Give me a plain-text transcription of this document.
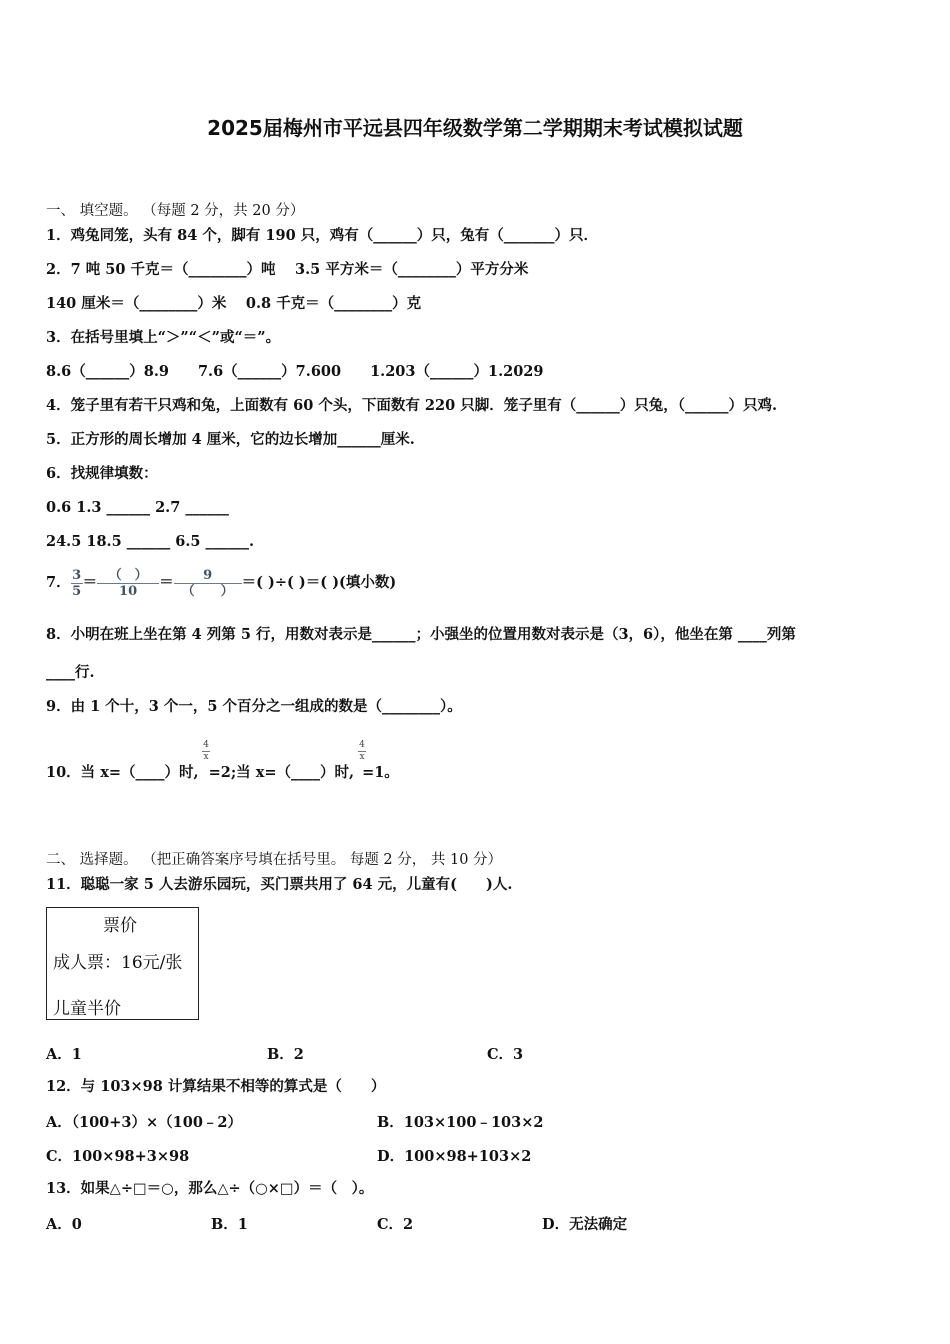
2025届梅州市平远县四年级数学第二学期期末考试模拟试题
一、 填空题。 （每题 2 分，共 20 分）
1．鸡兔同笼，头有 84 个，脚有 190 只，鸡有（______）只，兔有（_______）只．
2．7 吨 50 千克＝（________）吨　 3.5 平方米＝（________）平方分米
140 厘米＝（________）米　 0.8 千克＝（________）克
3．在括号里填上“＞”“＜”或“＝”。
8.6（______）8.9　　7.6（______）7.600　　1.203（______）1.2029
4．笼子里有若干只鸡和兔，上面数有 60 个头，下面数有 220 只脚．笼子里有（______）只兔，（______）只鸡.
5．正方形的周长增加 4 厘米，它的边长增加______厘米.
6．找规律填数：
0.6 1.3 ______ 2.7 ______
24.5 18.5 ______ 6.5 ______.
7． $\frac{3}{5} = \frac{( )}{10} = \frac{9}{( )}$ ＝( )÷( )＝( )(填小数)
8．小明在班上坐在第 4 列第 5 行，用数对表示是______；小强坐的位置用数对表示是（3，6），他坐在第 ____列第
____行.
9．由 1 个十，3 个一，5 个百分之一组成的数是（________）。
10．当 x=（____）时, =2;当 x=（____）时, =1。
4
x
4
x
二、 选择题。 （把正确答案序号填在括号里。 每题 2 分， 共 10 分）
11．聪聪一家 5 人去游乐园玩，买门票共用了 64 元，儿童有(　　)人.
票价
成人票：16元/张
儿童半价
A．1	B．2	C．3
12．与 103×98 计算结果不相等的算式是（　　）
A．（100+3）×（100﹣2）	B．103×100﹣103×2
C．100×98+3×98	D．100×98+103×2
13．如果△÷□＝○，那么△÷（○×□）＝（　）。
A．0	B．1	C．2	D．无法确定
